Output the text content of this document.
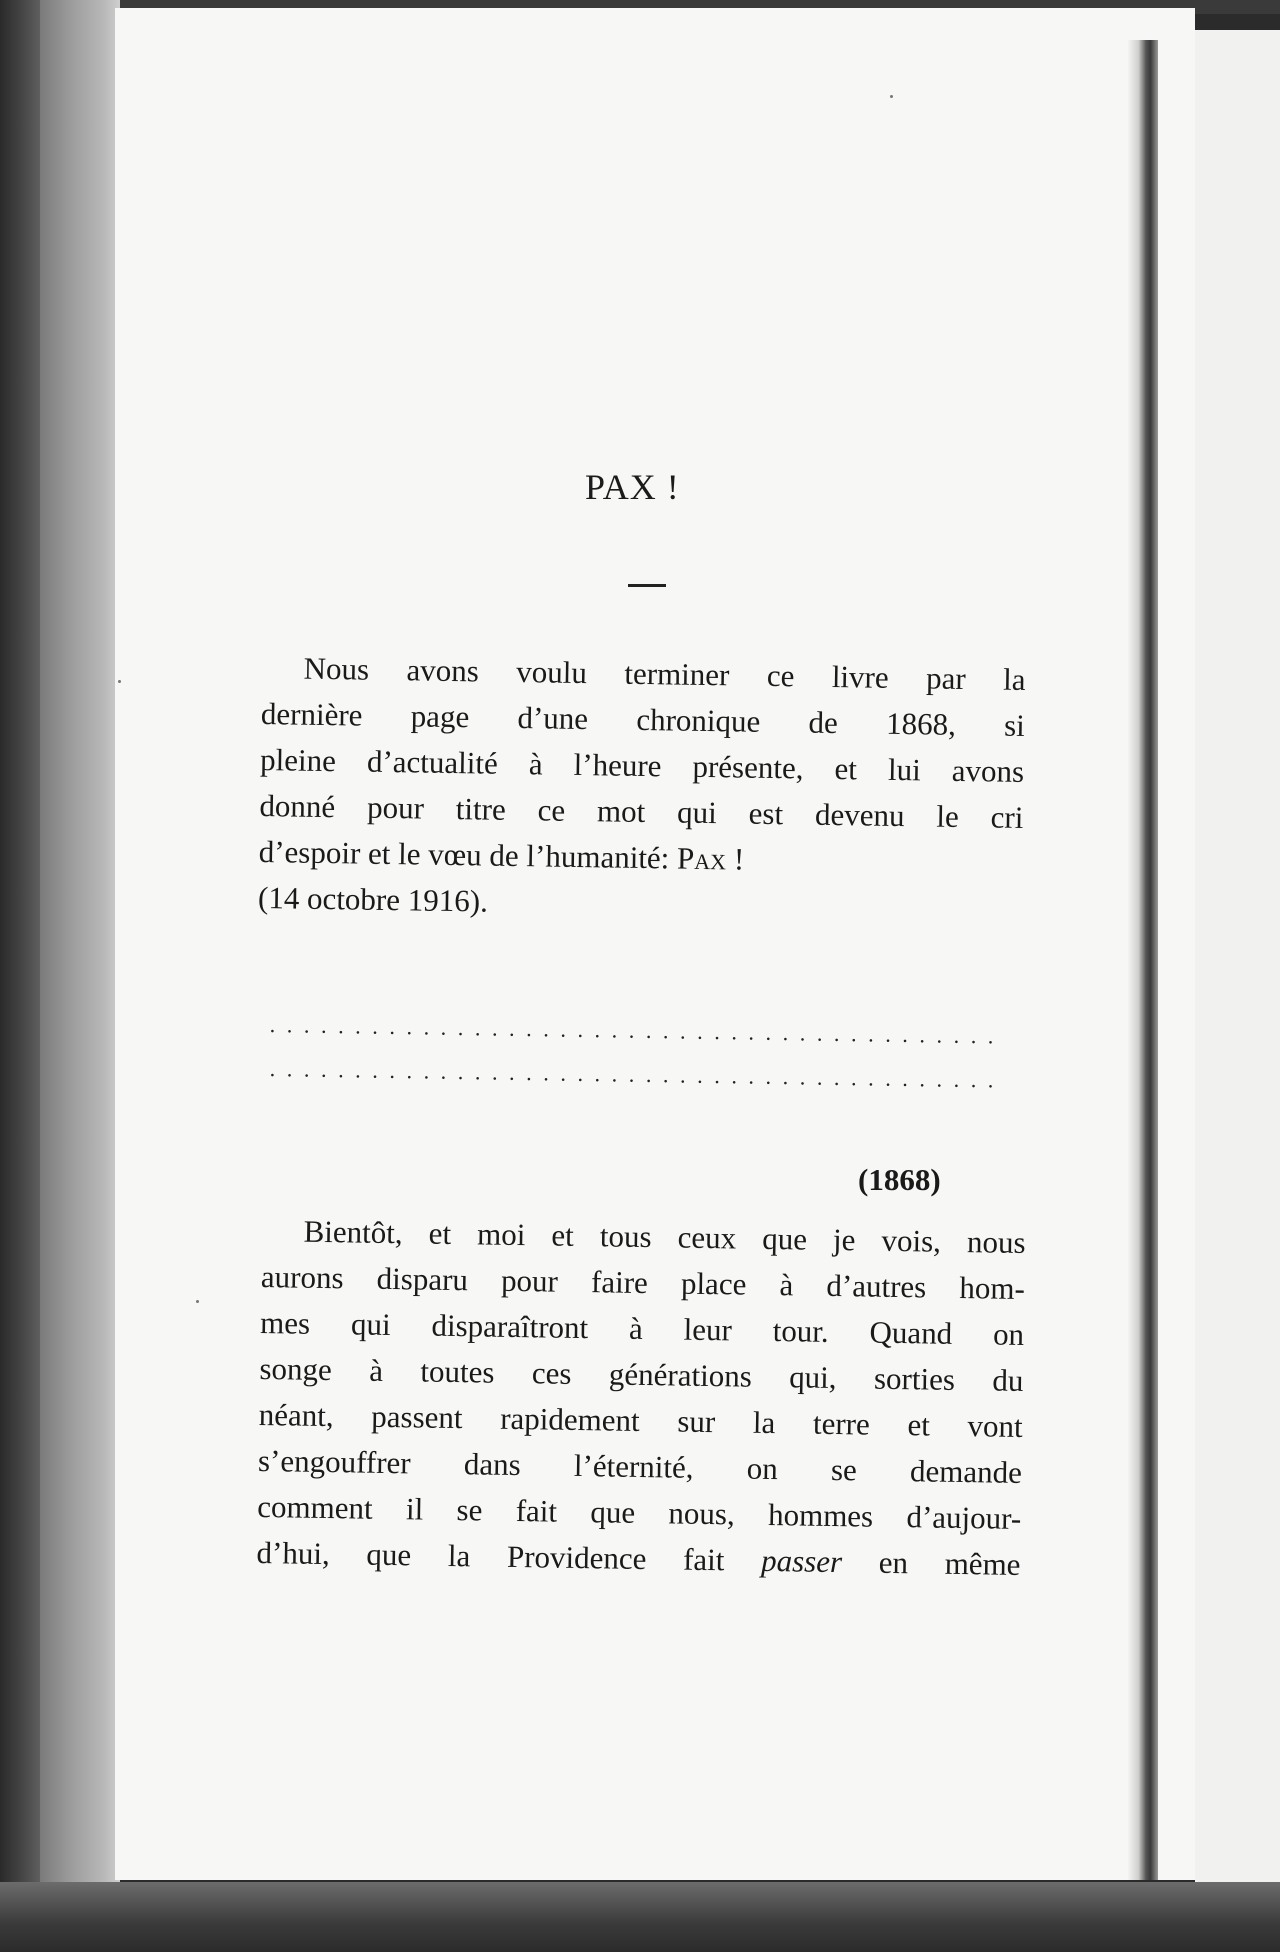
PAX !
Nous avons voulu terminer ce livre par la
dernière page d’une chronique de 1868, si
pleine d’actualité à l’heure présente, et lui avons
donné pour titre ce mot qui est devenu le cri
d’espoir et le vœu de l’humanité: Pax !
(14 octobre 1916).
...........................................
...........................................

(1868)

Bientôt, et moi et tous ceux que je vois, nous
aurons disparu pour faire place à d’autres hom-
mes qui disparaîtront à leur tour. Quand on
songe à toutes ces générations qui, sorties du
néant, passent rapidement sur la terre et vont
s’engouffrer dans l’éternité, on se demande
comment il se fait que nous, hommes d’aujour-
d’hui, que la Providence fait passer en même
